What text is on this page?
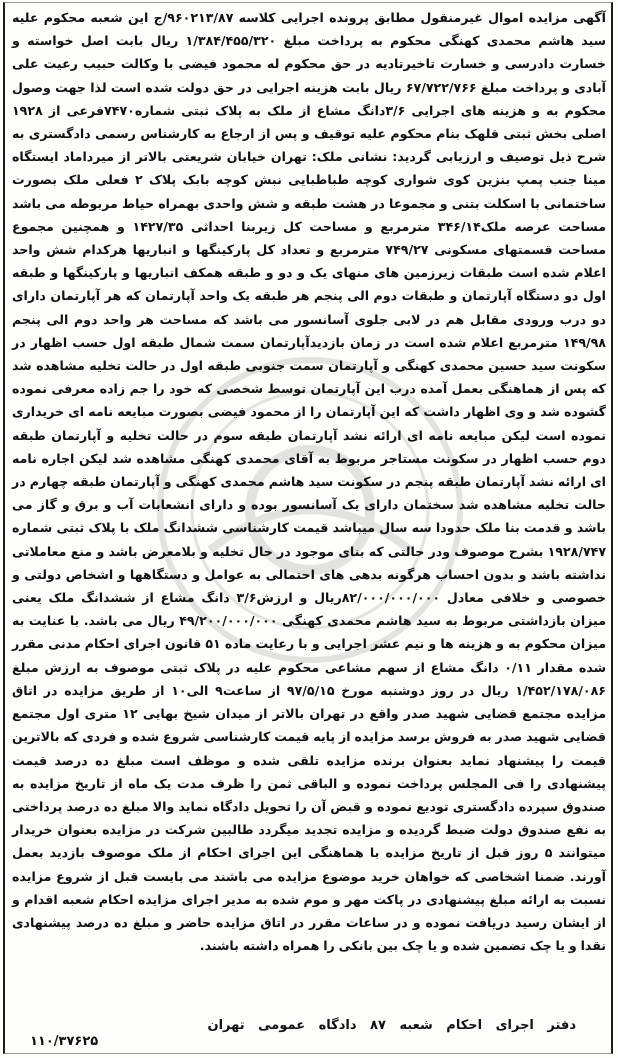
آگهی مزایده اموال غیرمنقول مطابق پرونده اجرایی کلاسه ۹۶۰۲۱۳/۸۷/ج این شعبه محکوم علیه سید هاشم محمدی کهنگی محکوم به پرداخت مبلغ ۱/۳۸۴/۴۵۵/۳۲۰ ریال بابت اصل خواسته و خسارت دادرسی و خسارت تاخیرتادیه در حق محکوم له محمود فیضی با وکالت حبیب رعیت علی آبادی و پرداخت مبلغ ۶۷/۷۲۲/۷۶۶ ریال بابت هزینه اجرایی در حق دولت شده است لذا جهت وصول محکوم به و هزینه های اجرایی ۳/۶دانگ مشاع از ملک به پلاک ثبتی شماره۷۴۷۰فرعی از ۱۹۲۸ اصلی بخش ثبتی قلهک بنام محکوم علیه توقیف و پس از ارجاع به کارشناس رسمی دادگستری به شرح ذیل توصیف و ارزیابی گردید: نشانی ملک: تهران خیابان شریعتی بالاتر از میرداماد ایستگاه مینا جنب پمپ بنزین کوی شواری کوچه طباطبایی نبش کوچه بابک پلاک ۲ فعلی ملک بصورت ساختمانی با اسکلت بتنی و مجموعا در هشت طبقه و شش واحدی بهمراه حیاط مربوطه می باشد مساحت عرصه ملک۳۴۶/۱۴ مترمربع و مساحت کل زیربنا احداثی ۱۴۲۷/۳۵ و همچنین مجموع مساحت قسمتهای مسکونی ۷۴۹/۲۷ مترمربع و تعداد کل پارکینگها و انباریها هرکدام شش واحد اعلام شده است طبقات زیرزمین های منهای یک و دو و طبقه همکف انباریها و پارکینگها و طبقه اول دو دستگاه آپارتمان و طبقات دوم الی پنجم هر طبقه یک واحد آپارتمان که هر آپارتمان دارای دو درب ورودی مقابل هم در لابی جلوی آسانسور می باشد که مساحت هر واحد دوم الی پنجم ۱۴۹/۹۸ مترمربع اعلام شده است در زمان بازدیدآپارتمان سمت شمال طبقه اول حسب اظهار در سکونت سید حسین محمدی کهنگی و آپارتمان سمت جنوبی طبقه اول در حالت تخلیه مشاهده شد که پس از هماهنگی بعمل آمده درب این آپارتمان توسط شخصی که خود را جم زاده معرفی نموده گشوده شد و وی اظهار داشت که این آپارتمان را از محمود فیضی بصورت مبایعه نامه ای خریداری نموده است لیکن مبایعه نامه ای ارائه نشد آپارتمان طبقه سوم در حالت تخلیه و آپارتمان طبقه دوم حسب اظهار در سکونت مستاجر مربوط به آقای محمدی کهنگی مشاهده شد لیکن اجاره نامه ای ارائه نشد آپارتمان طبقه پنجم در سکونت سید هاشم محمدی کهنگی و آپارتمان طبقه چهارم در حالت تخلیه مشاهده شد سختمان دارای یک آسانسور بوده و دارای انشعابات آب و برق و گاز می باشد و قدمت بنا ملک حدودا سه سال میباشد قیمت کارشناسی ششدانگ ملک با پلاک ثبتی شماره ۱۹۲۸/۷۴۷ بشرح موصوف ودر حالتی که بنای موجود در حال تخلیه و بلامعرض باشد و منع معاملاتی نداشته باشد و بدون احساب هرگونه بدهی های احتمالی به عوامل و دستگاهها و اشخاص دولتی و خصوصی و خلافی معادل ۸۲/۰۰۰/۰۰۰/۰۰۰ریال و ارزش۳/۶ دانگ مشاع از ششدانگ ملک یعنی میزان بازداشتی مربوط به سید هاشم محمدی کهنگی ۴۹/۲۰۰/۰۰۰/۰۰۰ ریال می باشد. با عنایت به میزان محکوم به و هزینه ها و نیم عشر اجرایی و با رعایت ماده ۵۱ قانون اجرای احکام مدنی مقرر شده مقدار ۰/۱۱ دانگ مشاع از سهم مشاعی محکوم علیه در پلاک ثبتی موصوف به ارزش مبلغ ۱/۴۵۲/۱۷۸/۰۸۶ ریال در روز دوشنبه مورخ ۹۷/۵/۱۵ از ساعت۹ الی۱۰ از طریق مزایده در اتاق مزایده مجتمع قضایی شهید صدر واقع در تهران بالاتر از میدان شیخ بهایی ۱۲ متری اول مجتمع قضایی شهید صدر به فروش برسد مزایده از پایه قیمت کارشناسی شروع شده و فردی که بالاترین قیمت را پیشنهاد نماید بعنوان برنده مزایده تلقی شده و موظف است مبلغ ده درصد قیمت پیشنهادی را فی المجلس پرداخت نموده و الباقی ثمن را ظرف مدت یک ماه از تاریخ مزایده به صندوق سپرده دادگستری تودیع نموده و قبض آن را تحویل دادگاه نماید والا مبلغ ده درصد پرداختی به نفع صندوق دولت ضبط گردیده و مزایده تجدید میگردد طالبین شرکت در مزایده بعنوان خریدار میتوانند ۵ روز قبل از تاریخ مزایده با هماهنگی این اجرای احکام از ملک موصوف بازدید بعمل آورند. ضمنا اشخاصی که خواهان خرید موضوع مزایده می باشند می بایست قبل از شروع مزایده نسبت به ارائه مبلغ پیشنهادی در پاکت مهر و موم شده به مدیر اجرای مزایده احکام شعبه اقدام و از ایشان رسید دریافت نموده و در ساعات مقرر در اتاق مزایده حاضر و مبلغ ده درصد پیشنهادی نقدا و یا چک تضمین شده و یا چک بین بانکی را همراه داشته باشند.

دفتر اجرای احکام شعبه ۸۷ دادگاه عمومی تهران
۱۱۰/۳۷۶۲۵
